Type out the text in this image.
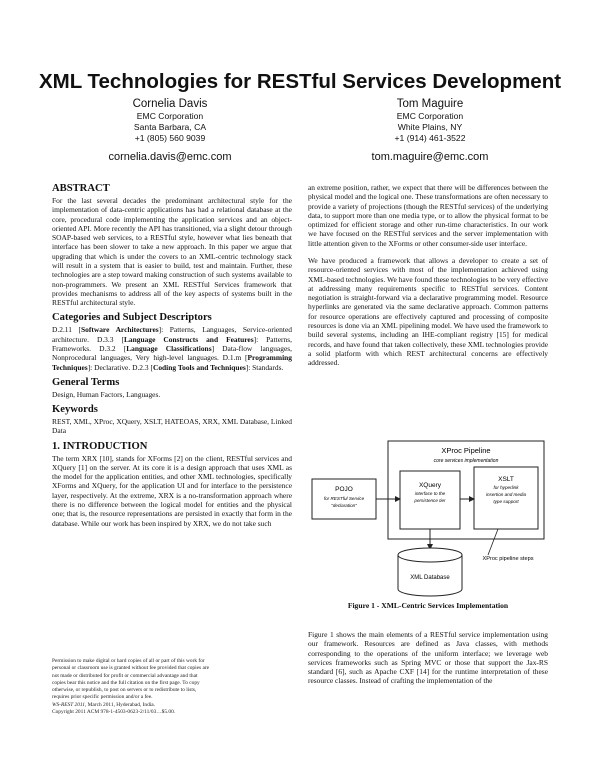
XML Technologies for RESTful Services Development
Cornelia Davis
EMC Corporation
Santa Barbara, CA
+1 (805) 560 9039
cornelia.davis@emc.com
Tom Maguire
EMC Corporation
White Plains, NY
+1 (914) 461-3522
tom.maguire@emc.com
ABSTRACT

For the last several decades the predominant architectural style for the implementation of data-centric applications has had a relational database at the core, procedural code implementing the application services and an object-oriented API. More recently the API has transitioned, via a slight detour through SOAP-based web services, to a RESTful style, however what lies beneath that interface has been slower to take a new approach. In this paper we argue that upgrading that which is under the covers to an XML-centric technology stack will result in a system that is easier to build, test and maintain. Further, these technologies are a step toward making construction of such systems available to non-programmers. We present an XML RESTful Services framework that provides mechanisms to address all of the key aspects of systems built in the RESTful architectural style.

Categories and Subject Descriptors

D.2.11 [Software Architectures]: Patterns, Languages, Service-oriented architecture. D.3.3 [Language Constructs and Features]: Patterns, Frameworks. D.3.2 [Language Classifications] Data-flow languages, Nonprocedural languages, Very high-level languages. D.1.m [Programming Techniques]: Declarative. D.2.3 [Coding Tools and Techniques]: Standards.

General Terms

Design, Human Factors, Languages.

Keywords

REST, XML, XProc, XQuery, XSLT, HATEOAS, XRX, XML Database, Linked Data

1. INTRODUCTION

The term XRX [10], stands for XForms [2] on the client, RESTful services and XQuery [1] on the server. At its core it is a design approach that uses XML as the model for the application entities, and other XML technologies, specifically XForms and XQuery, for the application UI and for interface to the persistence layer, respectively. At the extreme, XRX is a no-transformation approach where there is no difference between the logical model for entities and the physical one; that is, the resource representations are persisted in exactly that form in the database. While our work has been inspired by XRX, we do not take such

Permission to make digital or hard copies of all or part of this work for
personal or classroom use is granted without fee provided that copies are
not made or distributed for profit or commercial advantage and that
copies bear this notice and the full citation on the first page. To copy
otherwise, or republish, to post on servers or to redistribute to lists,
requires prior specific permission and/or a fee.
WS-REST 2011, March 2011, Hyderabad, India.
Copyright 2011 ACM 978-1-4503-0623-2/11/03…$5.00.

an extreme position, rather, we expect that there will be differences between the physical model and the logical one. These transformations are often necessary to provide a variety of projections (though the RESTful services) of the underlying data, to support more than one media type, or to allow the physical format to be optimized for efficient storage and other run-time characteristics. In our work we have focused on the RESTful services and the server implementation with little attention given to the XForms or other consumer-side user interface.

We have produced a framework that allows a developer to create a set of resource-oriented services with most of the implementation achieved using XML-based technologies. We have found these technologies to be very effective at addressing many requirements specific to RESTful services. Content negotiation is straight-forward via a declarative programming model. Resource hyperlinks are generated via the same declarative approach. Common patterns for resource operations are effectively captured and processing of composite resources is done via an XML pipelining model. We have used the framework to build several systems, including an IHE-compliant registry [15] for medical records, and have found that taken collectively, these XML technologies provide a solid platform with which REST architectural concerns are effectively addressed.

XProc Pipeline
core services implementation
POJO
for RESTful Service
"declaration"
XQuery
interface to the
persistence tier
XSLT
for hyperlink
insertion and media
type support
XML Database
XProc pipeline steps
Figure 1 - XML-Centric Services Implementation

Figure 1 shows the main elements of a RESTful service implementation using our framework. Resources are defined as Java classes, with methods corresponding to the operations of the uniform interface; we leverage web services frameworks such as Spring MVC or those that support the Jax-RS standard [6], such as Apache CXF [14] for the runtime interpretation of these resource classes. Instead of crafting the implementation of the
